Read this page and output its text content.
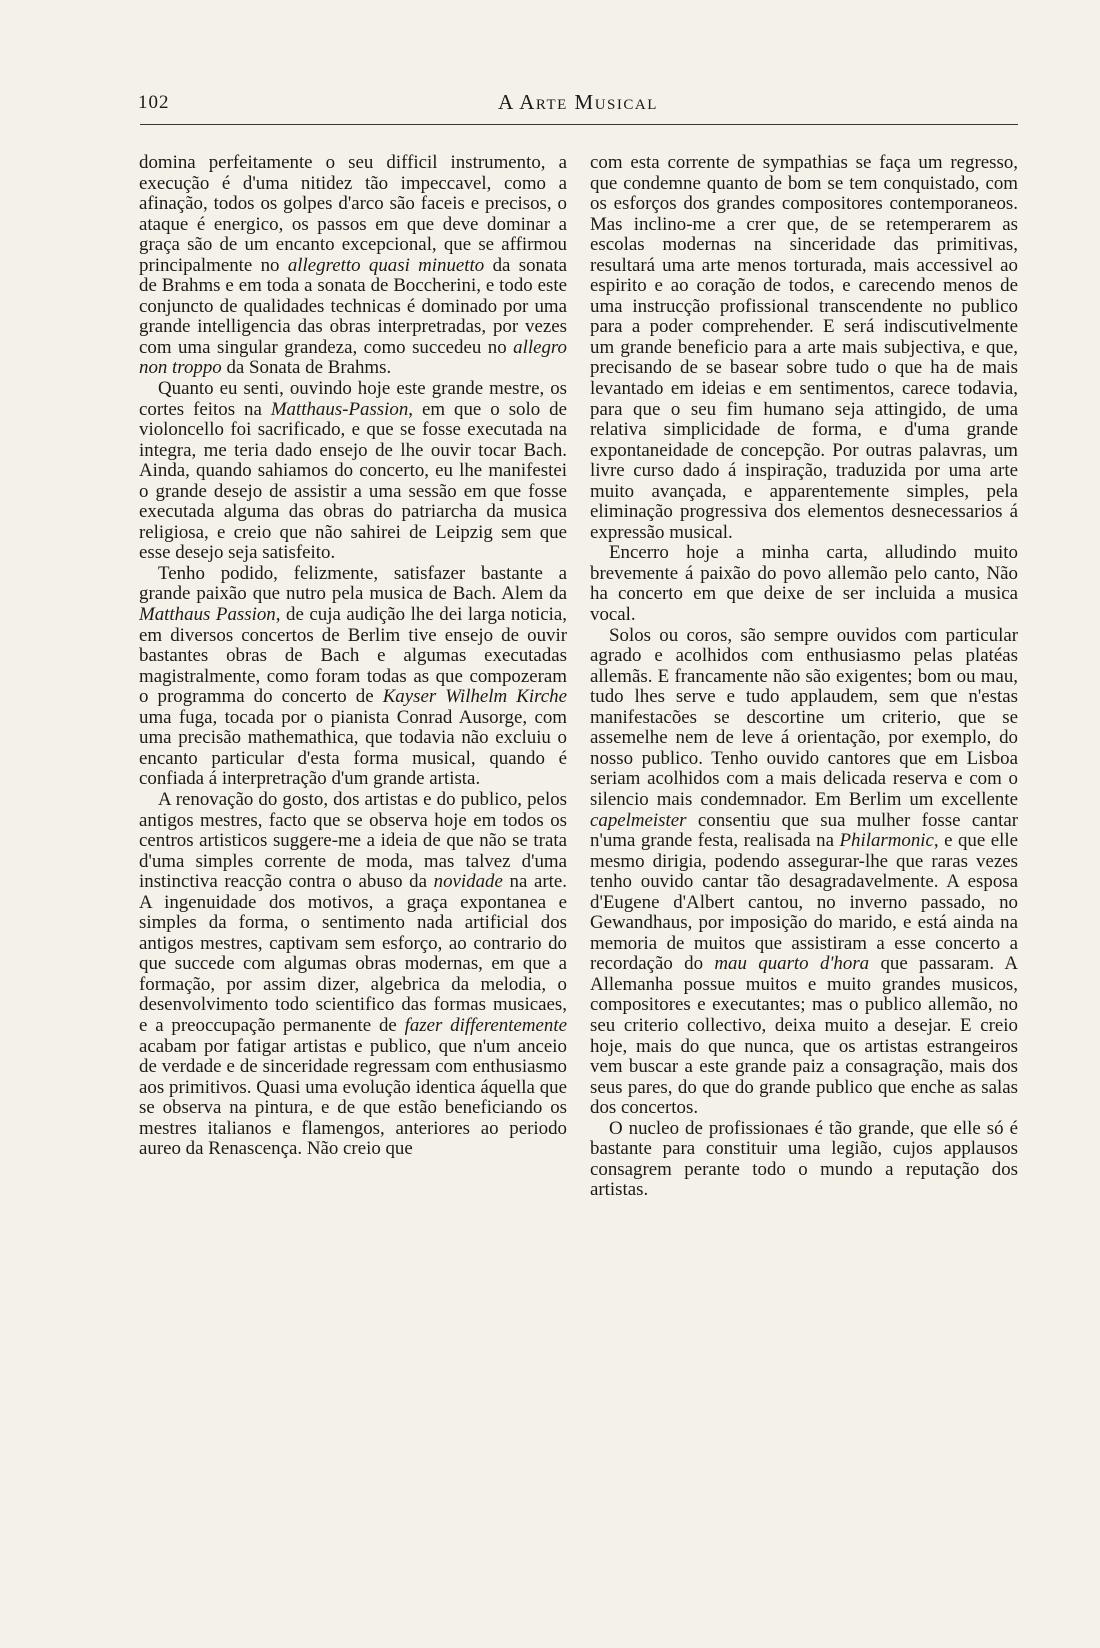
102	A Arte Musical

domina perfeitamente o seu difficil instrumento, a execução é d'uma nitidez tão impeccavel, como a afinação, todos os golpes d'arco são faceis e precisos, o ataque é energico, os passos em que deve dominar a graça são de um encanto excepcional, que se affirmou principalmente no allegretto quasi minuetto da sonata de Brahms e em toda a sonata de Boccherini, e todo este conjuncto de qualidades technicas é dominado por uma grande intelligencia das obras interpretradas, por vezes com uma singular grandeza, como succedeu no allegro non troppo da Sonata de Brahms.

Quanto eu senti, ouvindo hoje este grande mestre, os cortes feitos na Matthaus-Passion, em que o solo de violoncello foi sacrificado, e que se fosse executada na integra, me teria dado ensejo de lhe ouvir tocar Bach. Ainda, quando sahiamos do concerto, eu lhe manifestei o grande desejo de assistir a uma sessão em que fosse executada alguma das obras do patriarcha da musica religiosa, e creio que não sahirei de Leipzig sem que esse desejo seja satisfeito.

Tenho podido, felizmente, satisfazer bastante a grande paixão que nutro pela musica de Bach. Alem da Matthaus Passion, de cuja audição lhe dei larga noticia, em diversos concertos de Berlim tive ensejo de ouvir bastantes obras de Bach e algumas executadas magistralmente, como foram todas as que compozeram o programma do concerto de Kayser Wilhelm Kirche uma fuga, tocada por o pianista Conrad Ausorge, com uma precisão mathemathica, que todavia não excluiu o encanto particular d'esta forma musical, quando é confiada á interpretração d'um grande artista.

A renovação do gosto, dos artistas e do publico, pelos antigos mestres, facto que se observa hoje em todos os centros artisticos suggere-me a ideia de que não se trata d'uma simples corrente de moda, mas talvez d'uma instinctiva reacção contra o abuso da novidade na arte. A ingenuidade dos motivos, a graça expontanea e simples da forma, o sentimento nada artificial dos antigos mestres, captivam sem esforço, ao contrario do que succede com algumas obras modernas, em que a formação, por assim dizer, algebrica da melodia, o desenvolvimento todo scientifico das formas musicaes, e a preoccupação permanente de fazer differentemente acabam por fatigar artistas e publico, que n'um anceio de verdade e de sinceridade regressam com enthusiasmo aos primitivos. Quasi uma evolução identica áquella que se observa na pintura, e de que estão beneficiando os mestres italianos e flamengos, anteriores ao periodo aureo da Renascença. Não creio que

com esta corrente de sympathias se faça um regresso, que condemne quanto de bom se tem conquistado, com os esforços dos grandes compositores contemporaneos. Mas inclino-me a crer que, de se retemperarem as escolas modernas na sinceridade das primitivas, resultará uma arte menos torturada, mais accessivel ao espirito e ao coração de todos, e carecendo menos de uma instrucção profissional transcendente no publico para a poder comprehender. E será indiscutivelmente um grande beneficio para a arte mais subjectiva, e que, precisando de se basear sobre tudo o que ha de mais levantado em ideias e em sentimentos, carece todavia, para que o seu fim humano seja attingido, de uma relativa simplicidade de forma, e d'uma grande expontaneidade de concepção. Por outras palavras, um livre curso dado á inspiração, traduzida por uma arte muito avançada, e apparentemente simples, pela eliminação progressiva dos elementos desnecessarios á expressão musical.

Encerro hoje a minha carta, alludindo muito brevemente á paixão do povo allemão pelo canto, Não ha concerto em que deixe de ser incluida a musica vocal.

Solos ou coros, são sempre ouvidos com particular agrado e acolhidos com enthusiasmo pelas platéas allemãs. E francamente não são exigentes; bom ou mau, tudo lhes serve e tudo applaudem, sem que n'estas manifestacões se descortine um criterio, que se assemelhe nem de leve á orientação, por exemplo, do nosso publico. Tenho ouvido cantores que em Lisboa seriam acolhidos com a mais delicada reserva e com o silencio mais condemnador. Em Berlim um excellente capelmeister consentiu que sua mulher fosse cantar n'uma grande festa, realisada na Philarmonic, e que elle mesmo dirigia, podendo assegurar-lhe que raras vezes tenho ouvido cantar tão desagradavelmente. A esposa d'Eugene d'Albert cantou, no inverno passado, no Gewandhaus, por imposição do marido, e está ainda na memoria de muitos que assistiram a esse concerto a recordação do mau quarto d'hora que passaram. A Allemanha possue muitos e muito grandes musicos, compositores e executantes; mas o publico allemão, no seu criterio collectivo, deixa muito a desejar. E creio hoje, mais do que nunca, que os artistas estrangeiros vem buscar a este grande paiz a consagração, mais dos seus pares, do que do grande publico que enche as salas dos concertos.

O nucleo de profissionaes é tão grande, que elle só é bastante para constituir uma legião, cujos applausos consagrem perante todo o mundo a reputação dos artistas.
